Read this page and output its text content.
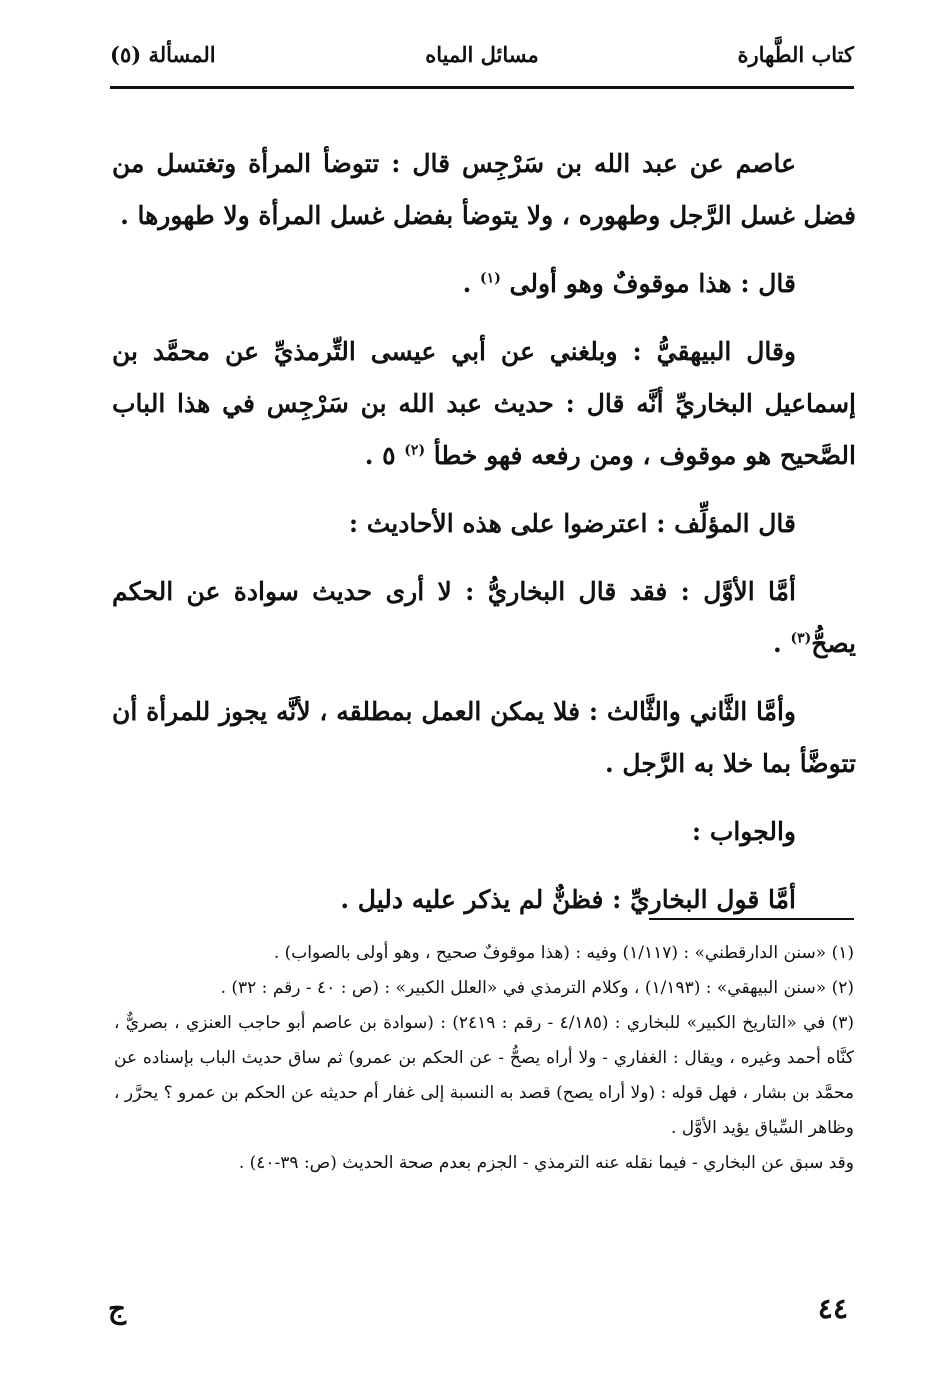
كتاب الطَّهارة
مسائل المياه
المسألة (٥)

عاصم عن عبد الله بن سَرْجِس قال : تتوضأ المرأة وتغتسل من فضل غسل الرَّجل وطهوره ، ولا يتوضأ بفضل غسل المرأة ولا طهورها .

قال : هذا موقوفٌ وهو أولى $^{(١)}$ .

وقال البيهقيُّ : وبلغني عن أبي عيسى التِّرمذيِّ عن محمَّد بن إسماعيل البخاريِّ أنَّه قال : حديث عبد الله بن سَرْجِس في هذا الباب الصَّحيح هو موقوف ، ومن رفعه فهو خطأ $^{(٢)}$ ٥ .

قال المؤلِّف : اعترضوا على هذه الأحاديث :

أمَّا الأوَّل : فقد قال البخاريُّ : لا أرى حديث سوادة عن الحكم يصحُّ$^{(٣)}$ .

وأمَّا الثَّاني والثَّالث : فلا يمكن العمل بمطلقه ، لأنَّه يجوز للمرأة أن تتوضَّأ بما خلا به الرَّجل .

والجواب :

أمَّا قول البخاريِّ : فظنٌّ لم يذكر عليه دليل .

(١) «سنن الدارقطني» : (١/١١٧) وفيه : (هذا موقوفٌ صحيح ، وهو أولى بالصواب) .

(٢) «سنن البيهقي» : (١/١٩٣) ، وكلام الترمذي في «العلل الكبير» : (ص : ٤٠ - رقم : ٣٢) .

(٣) في «التاريخ الكبير» للبخاري : (٤/١٨٥ - رقم : ٢٤١٩) : (سوادة بن عاصم أبو حاجب العنزي ، بصريٌّ ، كنَّاه أحمد وغيره ، ويقال : الغفاري - ولا أراه يصحُّ - عن الحكم بن عمرو) ثم ساق حديث الباب بإسناده عن محمَّد بن بشار ، فهل قوله : (ولا أراه يصح) قصد به النسبة إلى غفار أم حديثه عن الحكم بن عمرو ؟ يحرَّر ، وظاهر السِّياق يؤيد الأوَّل .

وقد سبق عن البخاري - فيما نقله عنه الترمذي - الجزم بعدم صحة الحديث (ص: ٣٩-٤٠) .

٤٤
ج
